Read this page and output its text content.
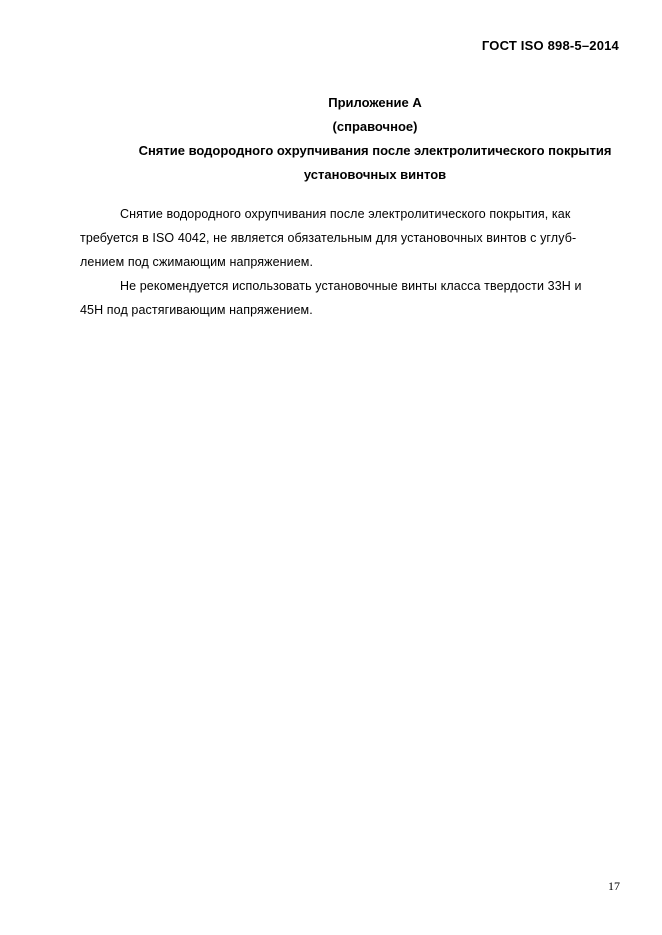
ГОСТ ISO 898-5–2014
Приложение А
(справочное)
Снятие водородного охрупчивания после электролитического покрытия
установочных винтов

Снятие водородного охрупчивания после электролитического покрытия, как
требуется в ISO 4042, не является обязательным для установочных винтов с углуб-
лением под сжимающим напряжением.

Не рекомендуется использовать установочные винты класса твердости 33Н и
45Н под растягивающим напряжением.

17
